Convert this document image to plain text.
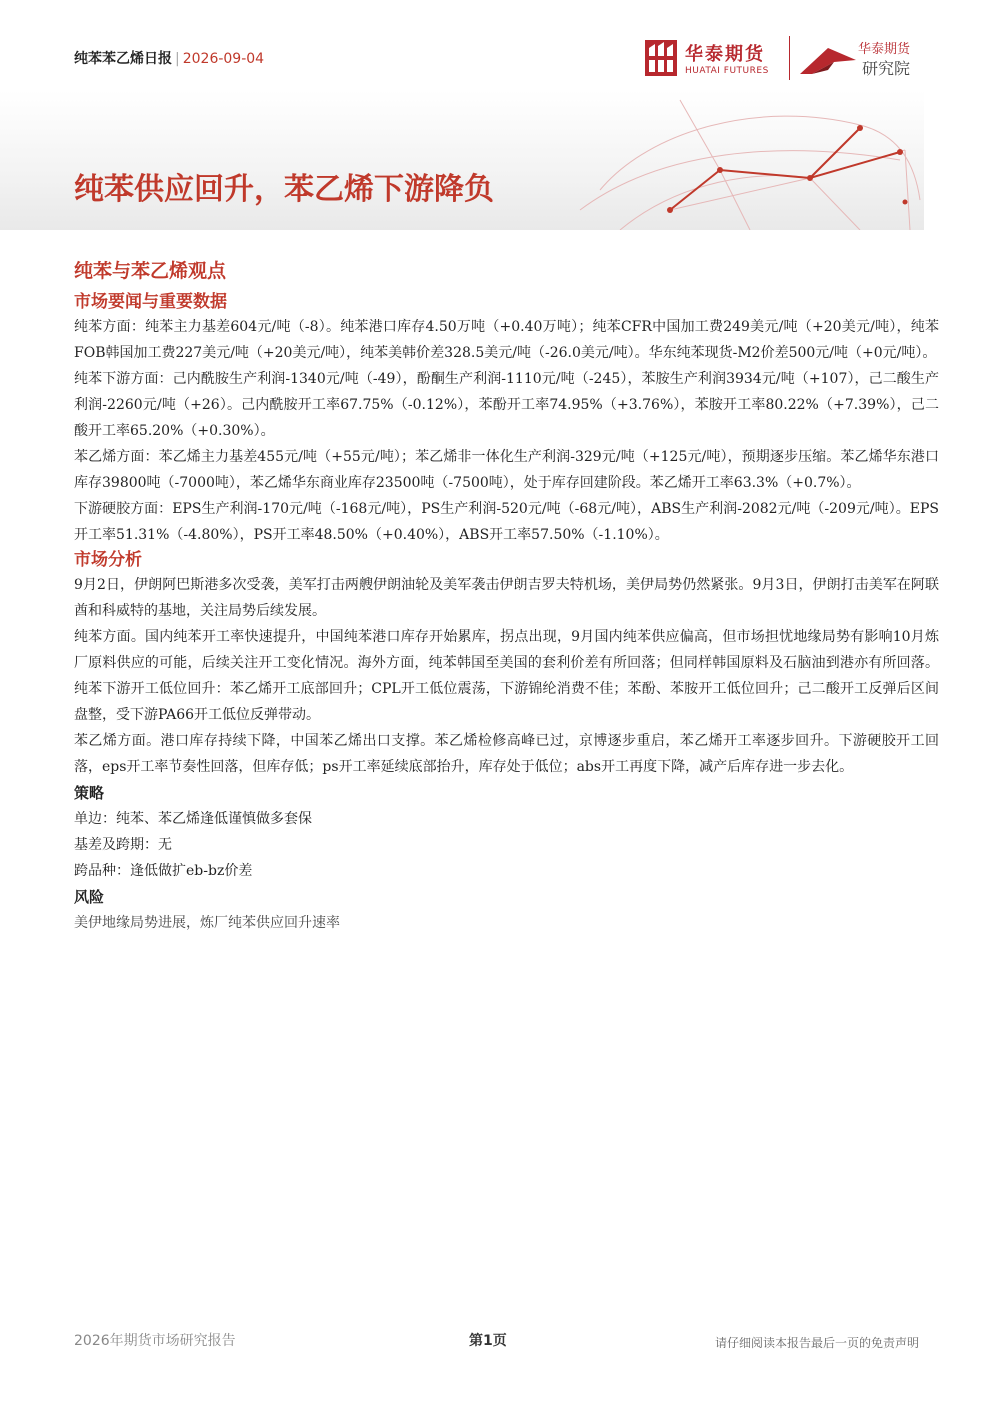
纯苯苯乙烯日报 | 2026-09-04	华泰期货
HUATAI FUTURES
华泰期货
研究院
纯苯供应回升，苯乙烯下游降负
纯苯与苯乙烯观点
市场要闻与重要数据

纯苯方面：纯苯主力基差604元/吨（-8）。纯苯港口库存4.50万吨（+0.40万吨）；纯苯CFR中国加工费249美元/吨（+20美元/吨），纯苯FOB韩国加工费227美元/吨（+20美元/吨），纯苯美韩价差328.5美元/吨（-26.0美元/吨）。华东纯苯现货-M2价差500元/吨（+0元/吨）。

纯苯下游方面：己内酰胺生产利润-1340元/吨（-49），酚酮生产利润-1110元/吨（-245），苯胺生产利润3934元/吨（+107），己二酸生产利润-2260元/吨（+26）。己内酰胺开工率67.75%（-0.12%），苯酚开工率74.95%（+3.76%），苯胺开工率80.22%（+7.39%），己二酸开工率65.20%（+0.30%）。

苯乙烯方面：苯乙烯主力基差455元/吨（+55元/吨）；苯乙烯非一体化生产利润-329元/吨（+125元/吨），预期逐步压缩。苯乙烯华东港口库存39800吨（-7000吨），苯乙烯华东商业库存23500吨（-7500吨），处于库存回建阶段。苯乙烯开工率63.3%（+0.7%）。

下游硬胶方面：EPS生产利润-170元/吨（-168元/吨），PS生产利润-520元/吨（-68元/吨），ABS生产利润-2082元/吨（-209元/吨）。EPS开工率51.31%（-4.80%），PS开工率48.50%（+0.40%），ABS开工率57.50%（-1.10%）。

市场分析

9月2日，伊朗阿巴斯港多次受袭，美军打击两艘伊朗油轮及美军袭击伊朗吉罗夫特机场，美伊局势仍然紧张。9月3日，伊朗打击美军在阿联酋和科威特的基地，关注局势后续发展。

纯苯方面。国内纯苯开工率快速提升，中国纯苯港口库存开始累库，拐点出现，9月国内纯苯供应偏高，但市场担忧地缘局势有影响10月炼厂原料供应的可能，后续关注开工变化情况。海外方面，纯苯韩国至美国的套利价差有所回落；但同样韩国原料及石脑油到港亦有所回落。纯苯下游开工低位回升：苯乙烯开工底部回升；CPL开工低位震荡，下游锦纶消费不佳；苯酚、苯胺开工低位回升；己二酸开工反弹后区间盘整，受下游PA66开工低位反弹带动。

苯乙烯方面。港口库存持续下降，中国苯乙烯出口支撑。苯乙烯检修高峰已过，京博逐步重启，苯乙烯开工率逐步回升。下游硬胶开工回落，eps开工率节奏性回落，但库存低；ps开工率延续底部抬升，库存处于低位；abs开工再度下降，减产后库存进一步去化。

策略

单边：纯苯、苯乙烯逢低谨慎做多套保

基差及跨期：无

跨品种：逢低做扩eb-bz价差

风险

美伊地缘局势进展，炼厂纯苯供应回升速率

2026年期货市场研究报告	第1页	请仔细阅读本报告最后一页的免责声明
